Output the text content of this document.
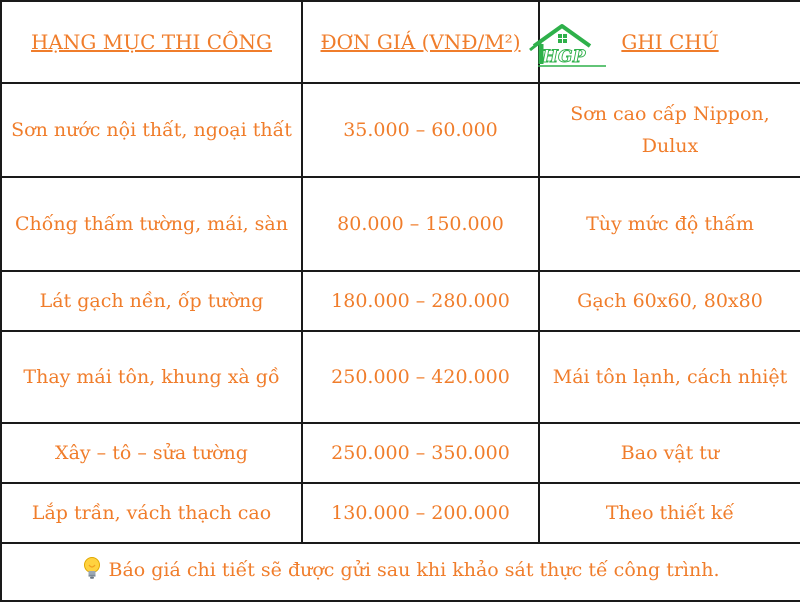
HẠNG MỤC THI CÔNG	ĐƠN GIÁ (VNĐ/M²)	GHI CHÚ
Sơn nước nội thất, ngoại thất	35.000 – 60.000	Sơn cao cấp Nippon, Dulux
Chống thấm tường, mái, sàn	80.000 – 150.000	Tùy mức độ thấm
Lát gạch nền, ốp tường	180.000 – 280.000	Gạch 60x60, 80x80
Thay mái tôn, khung xà gồ	250.000 – 420.000	Mái tôn lạnh, cách nhiệt
Xây – tô – sửa tường	250.000 – 350.000	Bao vật tư
Lắp trần, vách thạch cao	130.000 – 200.000	Theo thiết kế
Báo giá chi tiết sẽ được gửi sau khi khảo sát thực tế công trình.		
HGP
